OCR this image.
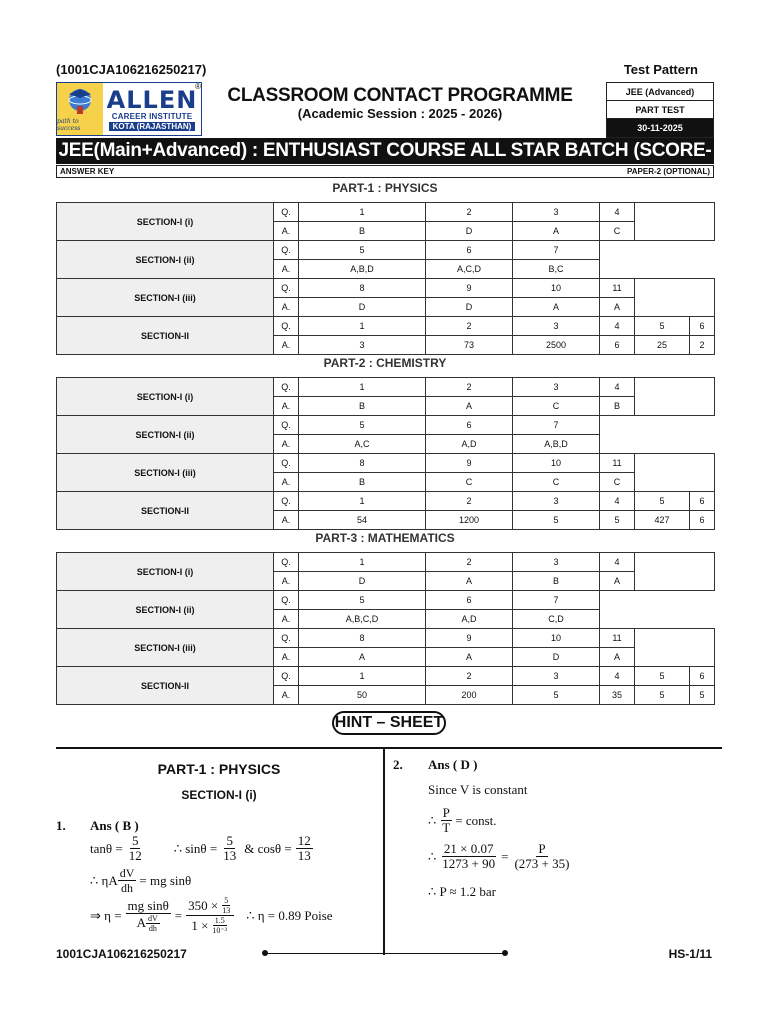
(1001CJA106216250217)	Test Pattern
path to success
ALLEN
CAREER INSTITUTE
KOTA (RAJASTHAN)
®	CLASSROOM CONTACT PROGRAMME
(Academic Session : 2025 - 2026)
JEE (Advanced)
PART TEST
30-11-2025
JEE(Main+Advanced) : ENTHUSIAST COURSE ALL STAR BATCH (SCORE-I)
ANSWER KEY	PAPER-2 (OPTIONAL)
PART-1 : PHYSICS
SECTION-I (i)	Q.	1	2	3	4		
	A.	B	D	A	C		
SECTION-I (ii)	Q.	5	6	7			
	A.	A,B,D	A,C,D	B,C			
SECTION-I (iii)	Q.	8	9	10	11		
	A.	D	D	A	A		
SECTION-II	Q.	1	2	3	4	5	6
	A.	3	73	2500	6	25	2
PART-2 : CHEMISTRY
SECTION-I (i)	Q.	1	2	3	4		
	A.	B	A	C	B		
SECTION-I (ii)	Q.	5	6	7			
	A.	A,C	A,D	A,B,D			
SECTION-I (iii)	Q.	8	9	10	11		
	A.	B	C	C	C		
SECTION-II	Q.	1	2	3	4	5	6
	A.	54	1200	5	5	427	6
PART-3 : MATHEMATICS
SECTION-I (i)	Q.	1	2	3	4		
	A.	D	A	B	A		
SECTION-I (ii)	Q.	5	6	7			
	A.	A,B,C,D	A,D	C,D			
SECTION-I (iii)	Q.	8	9	10	11		
	A.	A	A	D	A		
SECTION-II	Q.	1	2	3	4	5	6
	A.	50	200	5	35	5	5
HINT – SHEET
PART-1 : PHYSICS
SECTION-I (i)
1. Ans ( B )
$\tan\theta = \frac{5}{12}$ ∴ $\sin\theta = \frac{5}{13}$ & $\cos\theta = \frac{12}{13}$
∴ ηA $\frac{dV}{dh}$ = mg sinθ
⇒ $\eta = \frac{\text{mg sinθ}}{A \frac{dV}{dh}} = \frac{350 \times \frac{5}{13}}{1 \times \frac{1.5}{\text{10⁻³}}}$ ∴ η = 0.89 Poise
2. Ans ( D )
Since V is constant
∴ $\frac{P}{T}$ = const.
∴ $\frac{21 \times 0.07}{1273 + 90} = \frac{P}{(273 + 35)}$
∴ P ≈ 1.2 bar
1001CJA106216250217	HS-1/11
